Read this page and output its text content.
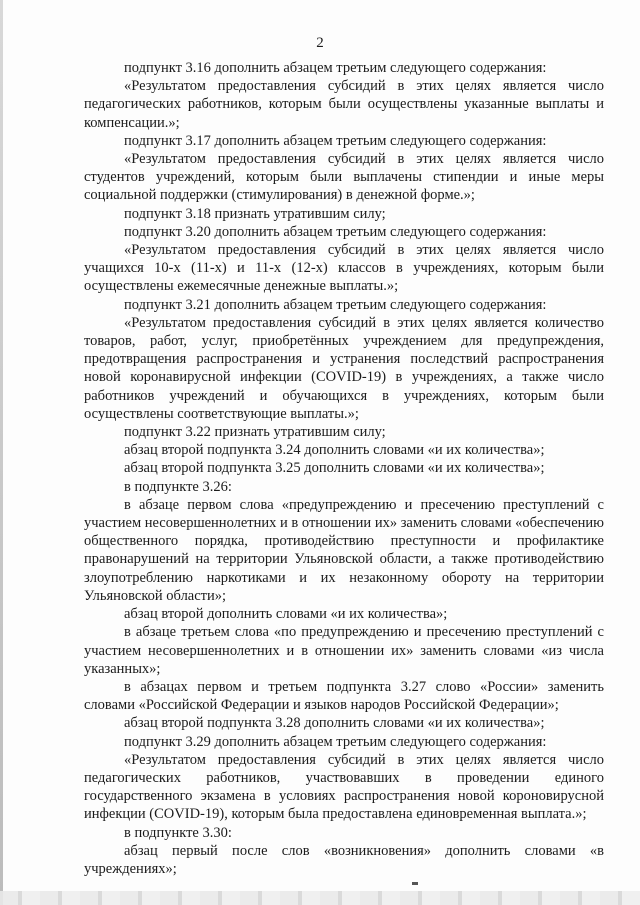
2

подпункт 3.16 дополнить абзацем третьим следующего содержания:

«Результатом предоставления субсидий в этих целях является число педагогических работников, которым были осуществлены указанные выплаты и компенсации.»;

подпункт 3.17 дополнить абзацем третьим следующего содержания:

«Результатом предоставления субсидий в этих целях является число студентов учреждений, которым были выплачены стипендии и иные меры социальной поддержки (стимулирования) в денежной форме.»;

подпункт 3.18 признать утратившим силу;

подпункт 3.20 дополнить абзацем третьим следующего содержания:

«Результатом предоставления субсидий в этих целях является число учащихся 10-х (11-х) и 11-х (12-х) классов в учреждениях, которым были осуществлены ежемесячные денежные выплаты.»;

подпункт 3.21 дополнить абзацем третьим следующего содержания:

«Результатом предоставления субсидий в этих целях является количество товаров, работ, услуг, приобретённых учреждением для предупреждения, предотвращения распространения и устранения последствий распространения новой коронавирусной инфекции (COVID-19) в учреждениях, а также число работников учреждений и обучающихся в учреждениях, которым были осуществлены соответствующие выплаты.»;

подпункт 3.22 признать утратившим силу;

абзац второй подпункта 3.24 дополнить словами «и их количества»;

абзац второй подпункта 3.25 дополнить словами «и их количества»;

в подпункте 3.26:

в абзаце первом слова «предупреждению и пресечению преступлений с участием несовершеннолетних и в отношении их» заменить словами «обеспечению общественного порядка, противодействию преступности и профилактике правонарушений на территории Ульяновской области, а также противодействию злоупотреблению наркотиками и их незаконному обороту на территории Ульяновской области»;

абзац второй дополнить словами «и их количества»;

в абзаце третьем слова «по предупреждению и пресечению преступлений с участием несовершеннолетних и в отношении их» заменить словами «из числа указанных»;

в абзацах первом и третьем подпункта 3.27 слово «России» заменить словами «Российской Федерации и языков народов Российской Федерации»;

абзац второй подпункта 3.28 дополнить словами «и их количества»;

подпункт 3.29 дополнить абзацем третьим следующего содержания:

«Результатом предоставления субсидий в этих целях является число педагогических работников, участвовавших в проведении единого государственного экзамена в условиях распространения новой короновирусной инфекции (COVID-19), которым была предоставлена единовременная выплата.»;

в подпункте 3.30:

абзац первый после слов «возникновения» дополнить словами «в учреждениях»;
